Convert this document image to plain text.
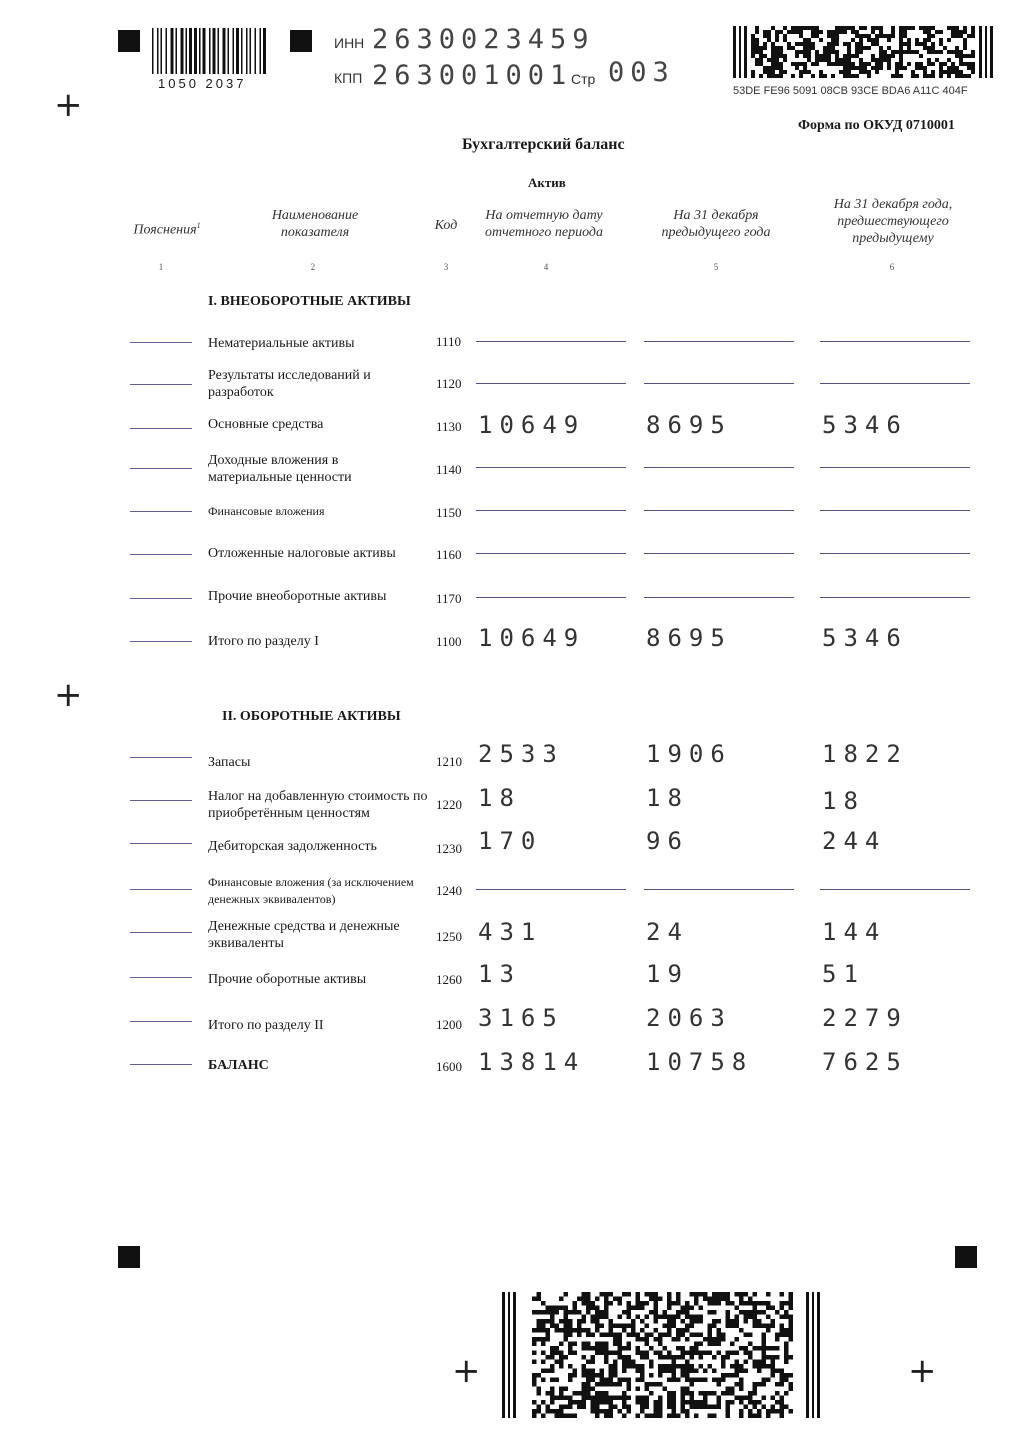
+
+
+	+
1050 2037
ИНН 2630023459
КПП 263001001
Стр 003
53DE FE96 5091 08CB 93CE BDA6 A11C 404F
Форма по ОКУД 0710001
Бухгалтерский баланс
Актив
Пояснения$^1$
Наименование показателя	Код
На отчетную дату отчетного периода
На 31 декабря предыдущего года
На 31 декабря года, предшествующего предыдущему
1	2	3	4	5	6
I. ВНЕОБОРОТНЫЕ АКТИВЫ
Нематериальные активы	1110
Результаты исследований и разработок
1120
Основные средства	1130 10649	8695	5346
Доходные вложения в материальные ценности
1140
Финансовые вложения	1150
Отложенные налоговые активы	1160
Прочие внеоборотные активы	1170
Итого по разделу I	1100 10649	8695	5346
II. ОБОРОТНЫЕ АКТИВЫ
Запасы	1210 2533	1906	1822
Налог на добавленную стоимость по приобретённым ценностям
1220 18	18	18
Дебиторская задолженность	1230 170	96	244
Финансовые вложения (за исключением денежных эквивалентов)
1240
Денежные средства и денежные эквиваленты	1250 431	24	144
Прочие оборотные активы	1260 13	19	51
Итого по разделу II	1200 3165	2063	2279
БАЛАНС	1600 13814	10758	7625
